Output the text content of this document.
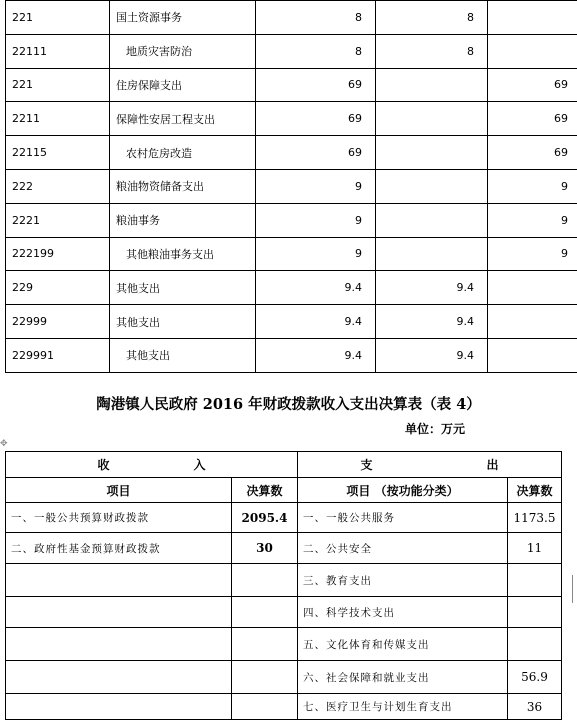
221	国土资源事务	8	8	
22111	地质灾害防治	8	8	
221	住房保障支出	69		69
2211	保障性安居工程支出	69		69
22115	农村危房改造	69		69
222	粮油物资储备支出	9		9
2221	粮油事务	9		9
222199	其他粮油事务支出	9		9
229	其他支出	9.4	9.4	
22999	其他支出	9.4	9.4	
229991	其他支出	9.4	9.4	
陶港镇人民政府 2016 年财政拨款收入支出决算表（表 4）
单位：万元
✥
收 入		支 出	
项目	决算数	项目 （按功能分类）	决算数
一、一般公共预算财政拨款	2095.4	一、一般公共服务	1173.5
二、政府性基金预算财政拨款	30	二、公共安全	11
		三、教育支出	
		四、科学技术支出	
		五、文化体育和传媒支出	
		六、社会保障和就业支出	56.9
		七、医疗卫生与计划生育支出	36
